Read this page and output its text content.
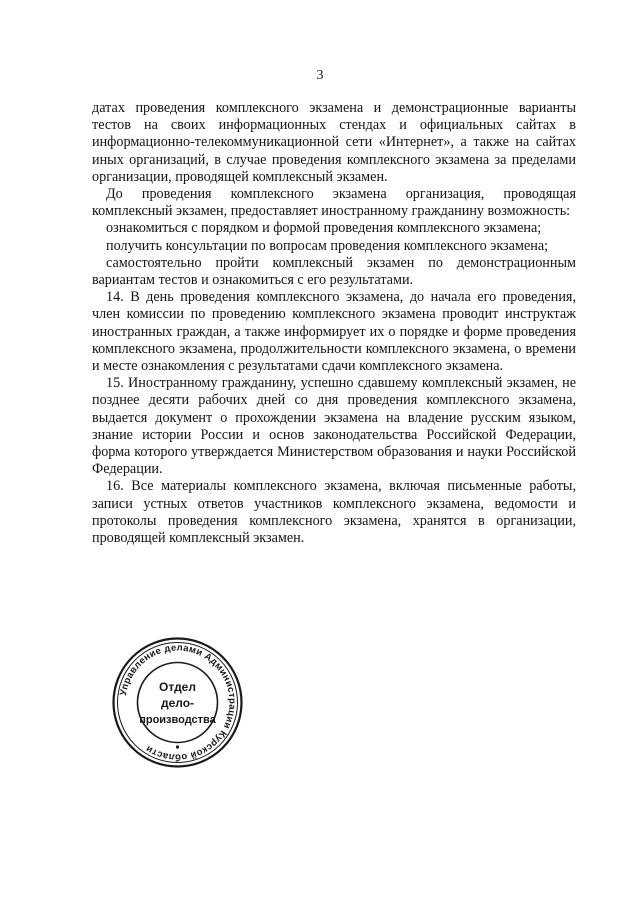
3

датах проведения комплексного экзамена и демонстрационные варианты тестов на своих информационных стендах и официальных сайтах в информационно-телекоммуникационной сети «Интернет», а также на сайтах иных организаций, в случае проведения комплексного экзамена за пределами организации, проводящей комплексный экзамен.

До проведения комплексного экзамена организация, проводящая комплексный экзамен, предоставляет иностранному гражданину возможность:

ознакомиться с порядком и формой проведения комплексного экзамена;

получить консультации по вопросам проведения комплексного экзамена;

самостоятельно пройти комплексный экзамен по демонстрационным вариантам тестов и ознакомиться с его результатами.

14. В день проведения комплексного экзамена, до начала его проведения, член комиссии по проведению комплексного экзамена проводит инструктаж иностранных граждан, а также информирует их о порядке и форме проведения комплексного экзамена, продолжительности комплексного экзамена, о времени и месте ознакомления с результатами сдачи комплексного экзамена.

15. Иностранному гражданину, успешно сдавшему комплексный экзамен, не позднее десяти рабочих дней со дня проведения комплексного экзамена, выдается документ о прохождении экзамена на владение русским языком, знание истории России и основ законодательства Российской Федерации, форма которого утверждается Министерством образования и науки Российской Федерации.

16. Все материалы комплексного экзамена, включая письменные работы, записи устных ответов участников комплексного экзамена, ведомости и протоколы проведения комплексного экзамена, хранятся в организации, проводящей комплексный экзамен.

Управление делами Администрации Курской области
Отдел
дело-
производства
